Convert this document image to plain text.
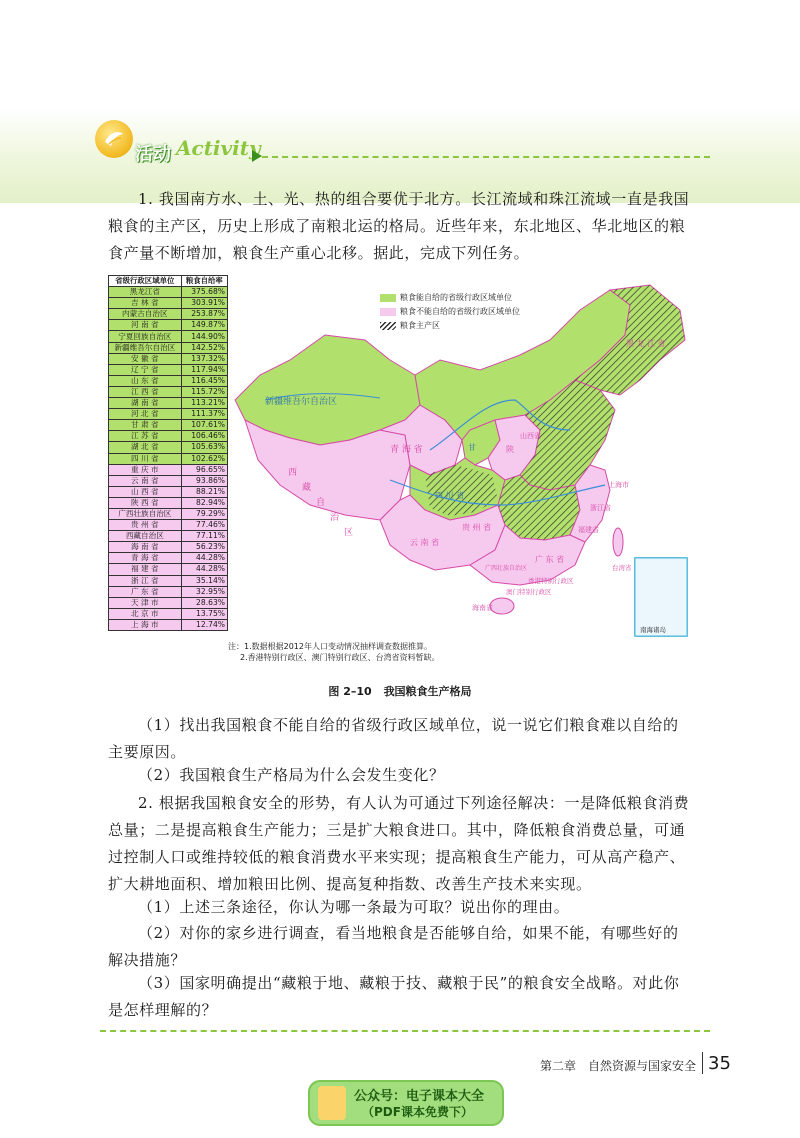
活动 Activity
1. 我国南方水、土、光、热的组合要优于北方。长江流域和珠江流域一直是我国粮食的主产区，历史上形成了南粮北运的格局。近些年来，东北地区、华北地区的粮食产量不断增加，粮食生产重心北移。据此，完成下列任务。
省级行政区域单位	粮食自给率
黑龙江省	375.68%
吉 林 省	303.91%
内蒙古自治区	253.87%
河 南 省	149.87%
宁夏回族自治区	144.90%
新疆维吾尔自治区	142.52%
安 徽 省	137.32%
辽 宁 省	117.94%
山 东 省	116.45%
江 西 省	115.72%
湖 南 省	113.21%
河 北 省	111.37%
甘 肃 省	107.61%
江 苏 省	106.46%
湖 北 省	105.63%
四 川 省	102.62%
重 庆 市	96.65%
云 南 省	93.86%
山 西 省	88.21%
陕 西 省	82.94%
广西壮族自治区	79.29%
贵 州 省	77.46%
西藏自治区	77.11%
海 南 省	56.23%
青 海 省	44.28%
福 建 省	44.28%
浙 江 省	35.14%
广 东 省	32.95%
天 津 市	28.63%
北 京 市	13.75%
上 海 市	12.74%
新疆维吾尔自治区
西
藏
自
治
区
青 海 省	甘
四 川 省
云 南 省
贵 州 省
广西壮族自治区
广 东 省
香港特别行政区
澳门特别行政区
海南省
陕
山西省
黑 龙 江 省
浙江省
福建省
台湾省
上海市
南海诸岛
粮食能自给的省级行政区域单位
粮食不能自给的省级行政区域单位
粮食主产区
注：1.数据根据2012年人口变动情况抽样调查数据推算。
2.香港特别行政区、澳门特别行政区、台湾省资料暂缺。
图 2–10 我国粮食生产格局
（1）找出我国粮食不能自给的省级行政区域单位，说一说它们粮食难以自给的主要原因。
（2）我国粮食生产格局为什么会发生变化？
2. 根据我国粮食安全的形势，有人认为可通过下列途径解决：一是降低粮食消费总量；二是提高粮食生产能力；三是扩大粮食进口。其中，降低粮食消费总量，可通过控制人口或维持较低的粮食消费水平来实现；提高粮食生产能力，可从高产稳产、扩大耕地面积、增加粮田比例、提高复种指数、改善生产技术来实现。
（1）上述三条途径，你认为哪一条最为可取？说出你的理由。
（2）对你的家乡进行调查，看当地粮食是否能够自给，如果不能，有哪些好的解决措施？
（3）国家明确提出“藏粮于地、藏粮于技、藏粮于民”的粮食安全战略。对此你是怎样理解的？
第二章　自然资源与国家安全 35
公众号：电子课本大全
（PDF课本免费下）
